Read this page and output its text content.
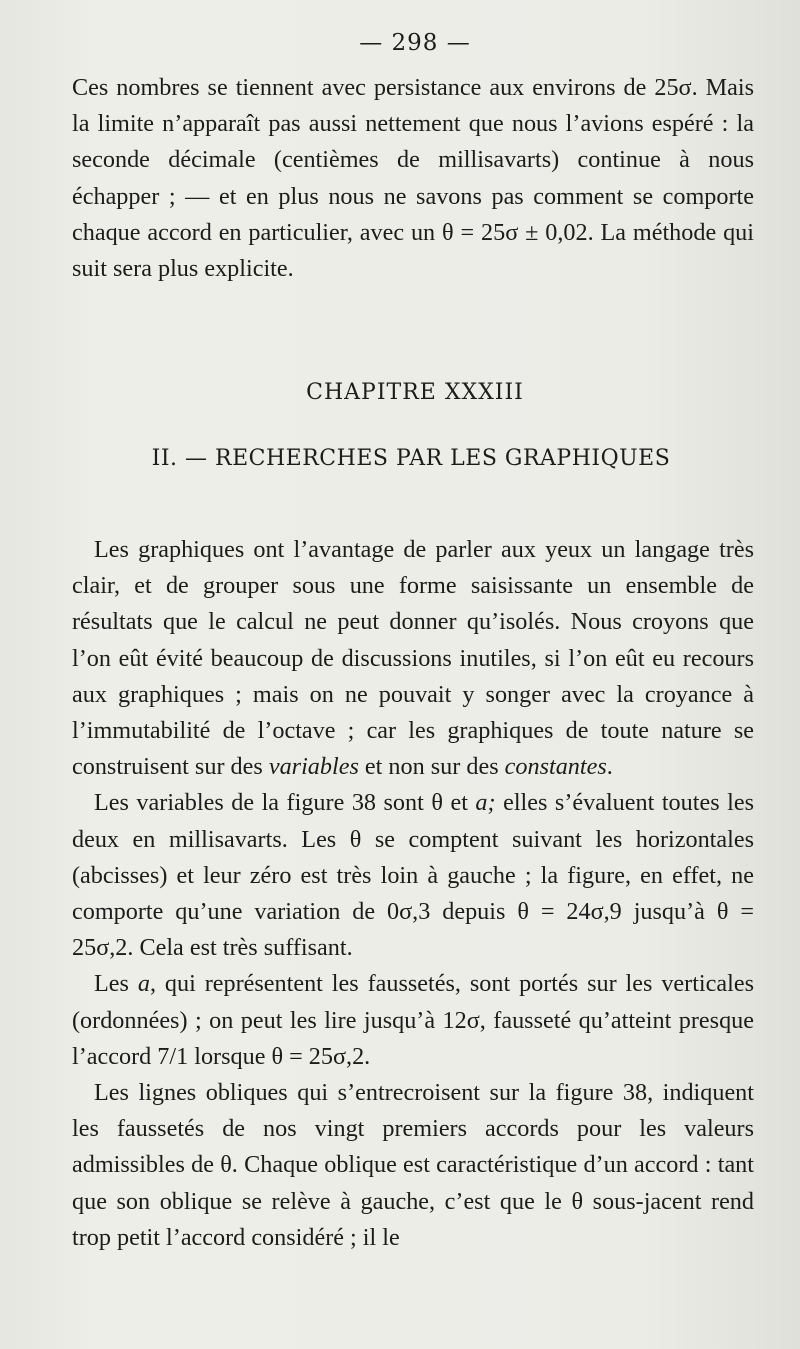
— 298 —

Ces nombres se tiennent avec persistance aux environs de 25σ. Mais la limite n’apparaît pas aussi nettement que nous l’avions espéré : la seconde décimale (centièmes de millisavarts) continue à nous échapper ; — et en plus nous ne savons pas comment se comporte chaque accord en particulier, avec un θ = 25σ ± 0,02. La méthode qui suit sera plus explicite.

CHAPITRE XXXIII
II. — RECHERCHES PAR LES GRAPHIQUES

Les graphiques ont l’avantage de parler aux yeux un langage très clair, et de grouper sous une forme saisissante un ensemble de résultats que le calcul ne peut donner qu’isolés. Nous croyons que l’on eût évité beaucoup de discussions inutiles, si l’on eût eu recours aux graphiques ; mais on ne pouvait y songer avec la croyance à l’immutabilité de l’octave ; car les graphiques de toute nature se construisent sur des variables et non sur des constantes.

Les variables de la figure 38 sont θ et a; elles s’évaluent toutes les deux en millisavarts. Les θ se comptent suivant les horizontales (abcisses) et leur zéro est très loin à gauche ; la figure, en effet, ne comporte qu’une variation de 0σ,3 depuis θ = 24σ,9 jusqu’à θ = 25σ,2. Cela est très suffisant.

Les a, qui représentent les faussetés, sont portés sur les verticales (ordonnées) ; on peut les lire jusqu’à 12σ, fausseté qu’atteint presque l’accord 7/1 lorsque θ = 25σ,2.

Les lignes obliques qui s’entrecroisent sur la figure 38, indiquent les faussetés de nos vingt premiers accords pour les valeurs admissibles de θ. Chaque oblique est caractéristique d’un accord : tant que son oblique se relève à gauche, c’est que le θ sous-jacent rend trop petit l’accord considéré ; il le
